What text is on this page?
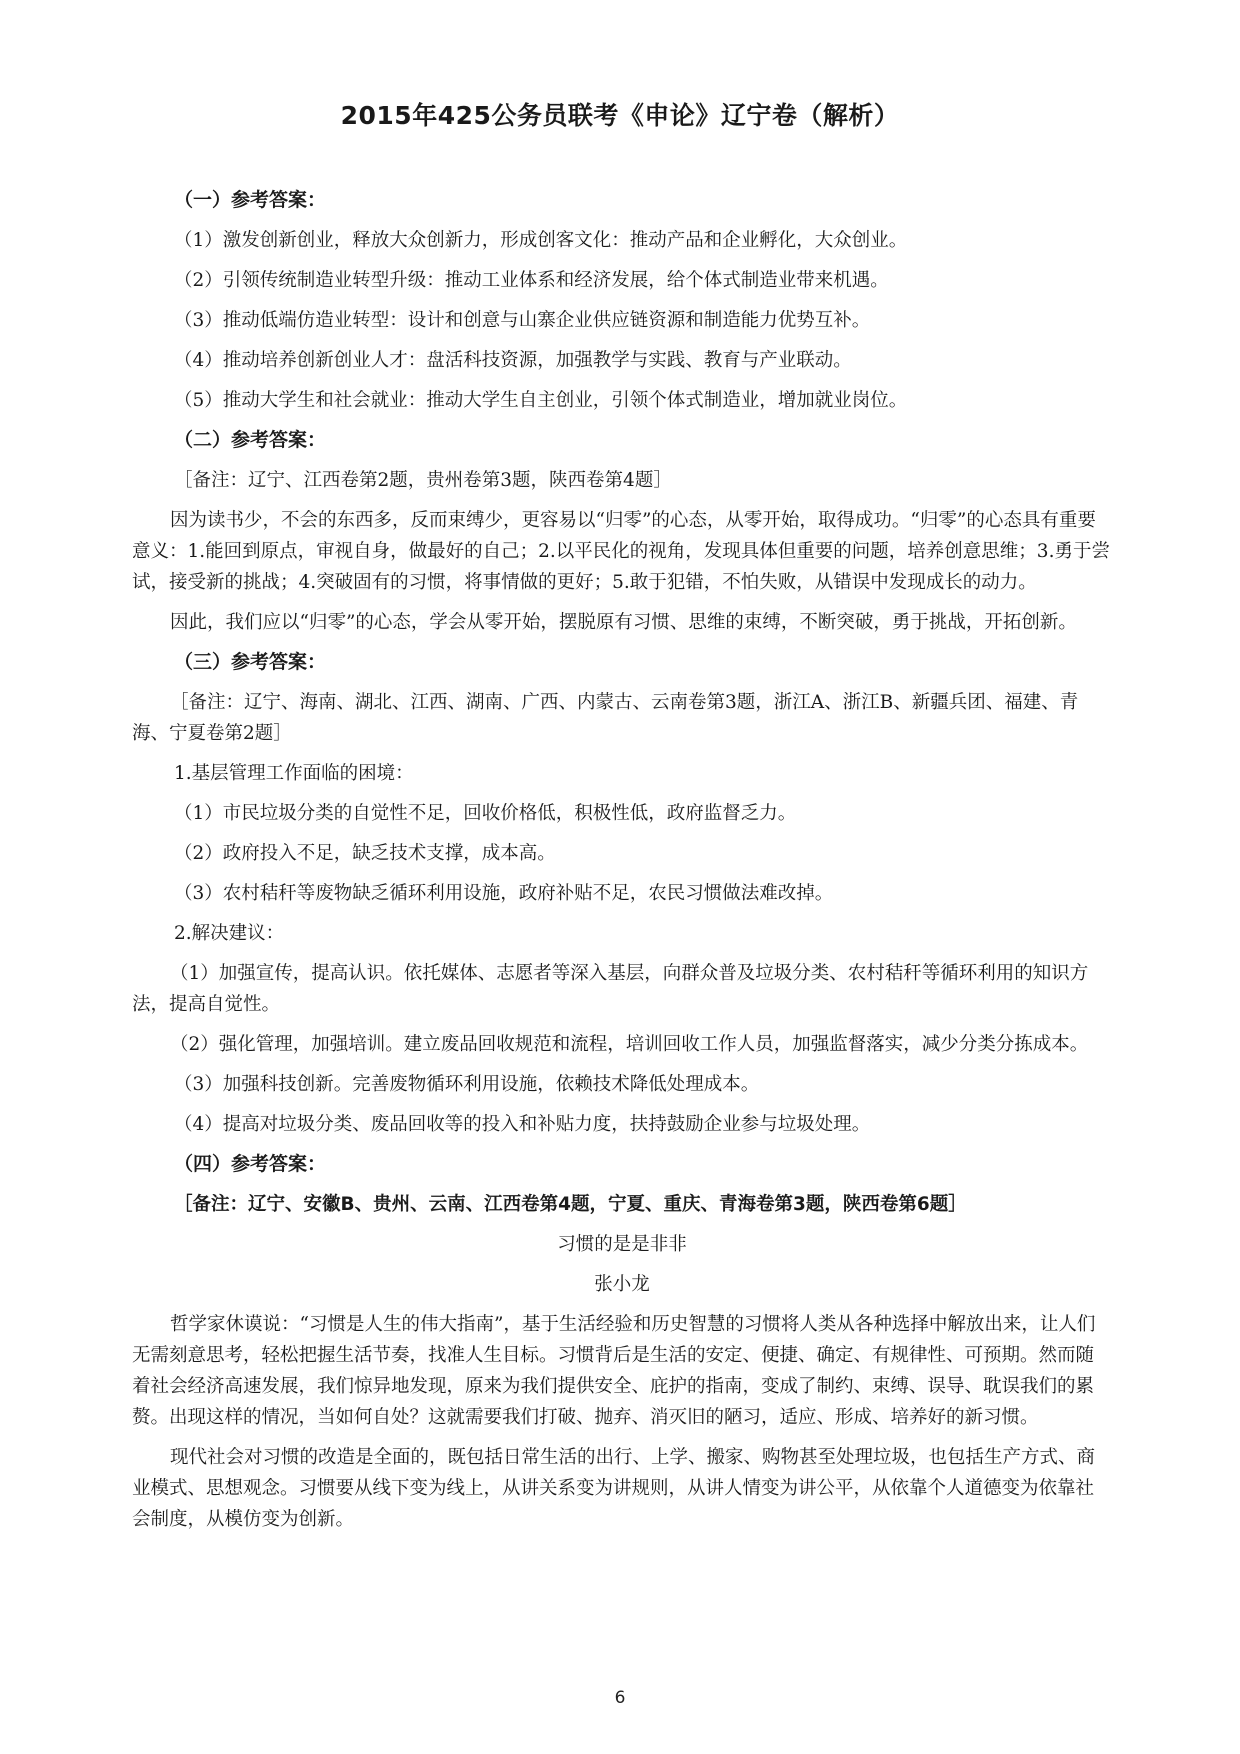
2015年425公务员联考《申论》辽宁卷（解析）
（一）参考答案：
（1）激发创新创业，释放大众创新力，形成创客文化：推动产品和企业孵化，大众创业。
（2）引领传统制造业转型升级：推动工业体系和经济发展，给个体式制造业带来机遇。
（3）推动低端仿造业转型：设计和创意与山寨企业供应链资源和制造能力优势互补。
（4）推动培养创新创业人才：盘活科技资源，加强教学与实践、教育与产业联动。
（5）推动大学生和社会就业：推动大学生自主创业，引领个体式制造业，增加就业岗位。
（二）参考答案：
［备注：辽宁、江西卷第2题，贵州卷第3题，陕西卷第4题］
因为读书少，不会的东西多，反而束缚少，更容易以“归零”的心态，从零开始，取得成功。“归零”的心态具有重要意义：1.能回到原点，审视自身，做最好的自己；2.以平民化的视角，发现具体但重要的问题，培养创意思维；3.勇于尝试，接受新的挑战；4.突破固有的习惯，将事情做的更好；5.敢于犯错，不怕失败，从错误中发现成长的动力。
因此，我们应以“归零”的心态，学会从零开始，摆脱原有习惯、思维的束缚，不断突破，勇于挑战，开拓创新。
（三）参考答案：
［备注：辽宁、海南、湖北、江西、湖南、广西、内蒙古、云南卷第3题，浙江A、浙江B、新疆兵团、福建、青海、宁夏卷第2题］
1.基层管理工作面临的困境：
（1）市民垃圾分类的自觉性不足，回收价格低，积极性低，政府监督乏力。
（2）政府投入不足，缺乏技术支撑，成本高。
（3）农村秸秆等废物缺乏循环利用设施，政府补贴不足，农民习惯做法难改掉。
2.解决建议：
（1）加强宣传，提高认识。依托媒体、志愿者等深入基层，向群众普及垃圾分类、农村秸秆等循环利用的知识方法，提高自觉性。
（2）强化管理，加强培训。建立废品回收规范和流程，培训回收工作人员，加强监督落实，减少分类分拣成本。
（3）加强科技创新。完善废物循环利用设施，依赖技术降低处理成本。
（4）提高对垃圾分类、废品回收等的投入和补贴力度，扶持鼓励企业参与垃圾处理。
（四）参考答案：
［备注：辽宁、安徽B、贵州、云南、江西卷第4题，宁夏、重庆、青海卷第3题，陕西卷第6题］
习惯的是是非非
张小龙
哲学家休谟说：“习惯是人生的伟大指南”，基于生活经验和历史智慧的习惯将人类从各种选择中解放出来，让人们无需刻意思考，轻松把握生活节奏，找准人生目标。习惯背后是生活的安定、便捷、确定、有规律性、可预期。然而随着社会经济高速发展，我们惊异地发现，原来为我们提供安全、庇护的指南，变成了制约、束缚、误导、耽误我们的累赘。出现这样的情况，当如何自处？这就需要我们打破、抛弃、消灭旧的陋习，适应、形成、培养好的新习惯。
现代社会对习惯的改造是全面的，既包括日常生活的出行、上学、搬家、购物甚至处理垃圾，也包括生产方式、商业模式、思想观念。习惯要从线下变为线上，从讲关系变为讲规则，从讲人情变为讲公平，从依靠个人道德变为依靠社会制度，从模仿变为创新。
6
